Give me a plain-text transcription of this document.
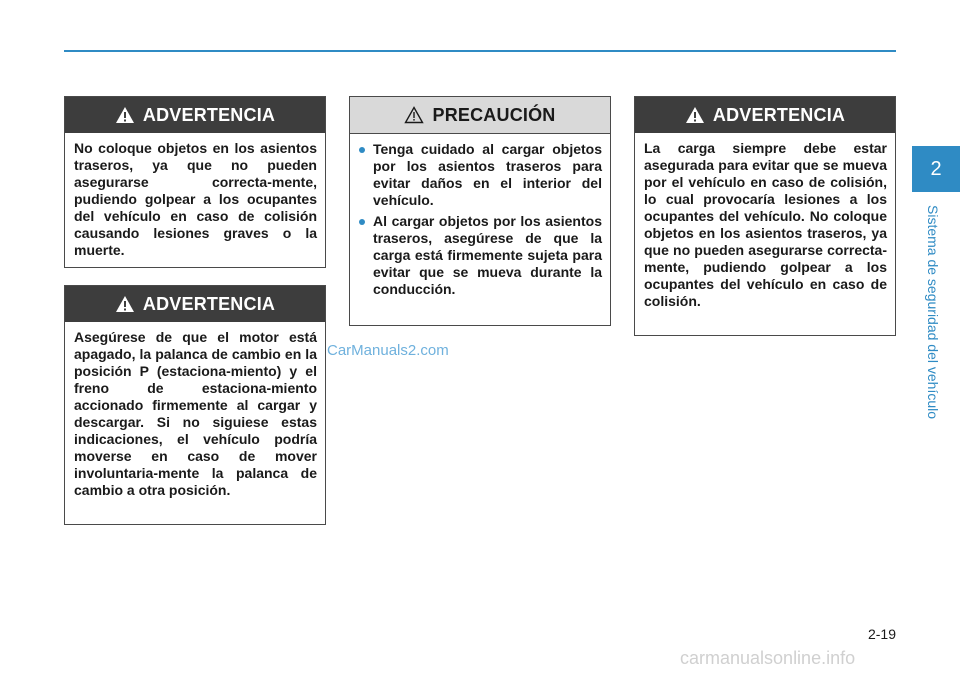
ADVERTENCIA
No coloque objetos en los asientos traseros, ya que no pueden asegurarse correcta-mente, pudiendo golpear a los ocupantes del vehículo en caso de colisión causando lesiones graves o la muerte.
ADVERTENCIA
Asegúrese de que el motor está apagado, la palanca de cambio en la posición P (estaciona-miento) y el freno de estaciona-miento accionado firmemente al cargar y descargar. Si no siguiese estas indicaciones, el vehículo podría moverse en caso de mover involuntaria-mente la palanca de cambio a otra posición.
PRECAUCIÓN
Tenga cuidado al cargar objetos por los asientos traseros para evitar daños en el interior del vehículo.
Al cargar objetos por los asientos traseros, asegúrese de que la carga está firmemente sujeta para evitar que se mueva durante la conducción.
ADVERTENCIA
La carga siempre debe estar asegurada para evitar que se mueva por el vehículo en caso de colisión, lo cual provocaría lesiones a los ocupantes del vehículo. No coloque objetos en los asientos traseros, ya que no pueden asegurarse correcta-mente, pudiendo golpear a los ocupantes del vehículo en caso de colisión.
2
Sistema de seguridad del vehículo
CarManuals2.com
2-19
carmanualsonline.info
